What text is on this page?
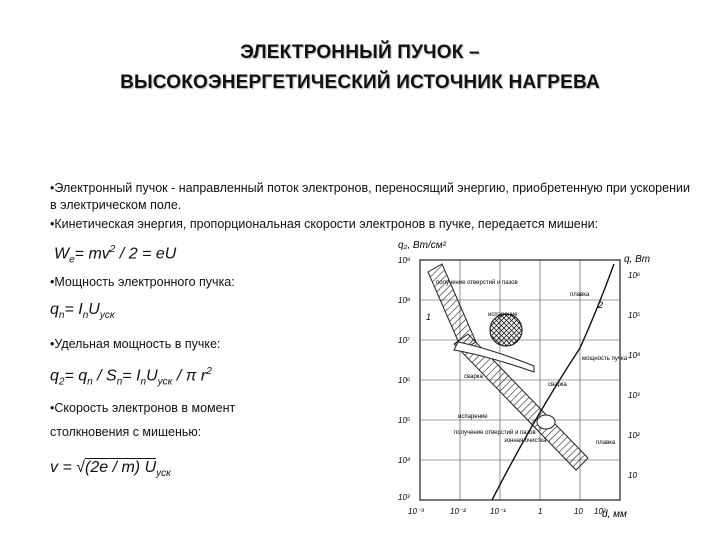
ЭЛЕКТРОННЫЙ ПУЧОК –
ВЫСОКОЭНЕРГЕТИЧЕСКИЙ ИСТОЧНИК НАГРЕВА
•Электронный пучок - направленный поток электронов, переносящий энергию, приобретенную при ускорении в электрическом поле.
•Кинетическая энергия, пропорциональная скорости электронов в пучке, передается мишени:
$W_e= mv^2 / 2$ = eU
•Мощность электронного пучка:
$q_n= I_nU_{уск}$
•Удельная мощность в пучке:
$q_2= q_n / S_n= I_nU_{уск} / \pi$ $r^2$
•Скорость электронов в момент
столкновения с мишенью:
v = √(2e / m) $U_{уск}$
q₂, Вт/см²
q, Вт
d, мм
10⁹
10⁸
10⁷
10⁶
10⁵
10⁴
10³
10⁶
10⁵
10⁴
10³
10²
10
10⁻³	10⁻²	10⁻¹	1	10 10²
получение отверстий и пазов
плавка
испарение
1
2
мощность пучка
сварка
сварка
испарение
получение отверстий и пазов
зонная очистка	плавка
